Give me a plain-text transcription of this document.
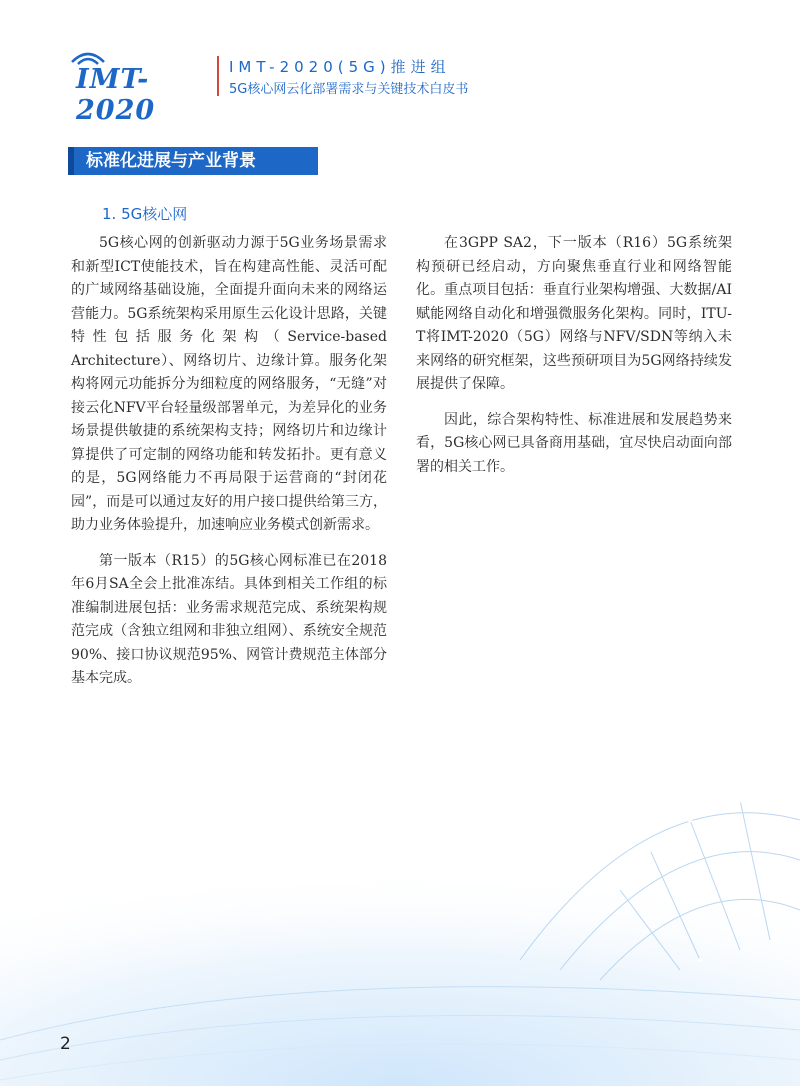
IMT-2020
IMT-2020(5G)推进组
5G核心网云化部署需求与关键技术白皮书
标准化进展与产业背景
1. 5G核心网

5G核心网的创新驱动力源于5G业务场景需求和新型ICT使能技术，旨在构建高性能、灵活可配的广域网络基础设施，全面提升面向未来的网络运营能力。5G系统架构采用原生云化设计思路，关键特性包括服务化架构（Service-based Architecture）、网络切片、边缘计算。服务化架构将网元功能拆分为细粒度的网络服务，“无缝”对接云化NFV平台轻量级部署单元，为差异化的业务场景提供敏捷的系统架构支持；网络切片和边缘计算提供了可定制的网络功能和转发拓扑。更有意义的是，5G网络能力不再局限于运营商的“封闭花园”，而是可以通过友好的用户接口提供给第三方，助力业务体验提升，加速响应业务模式创新需求。

第一版本（R15）的5G核心网标准已在2018年6月SA全会上批准冻结。具体到相关工作组的标准编制进展包括：业务需求规范完成、系统架构规范完成（含独立组网和非独立组网）、系统安全规范90%、接口协议规范95%、网管计费规范主体部分基本完成。

在3GPP SA2，下一版本（R16）5G系统架构预研已经启动，方向聚焦垂直行业和网络智能化。重点项目包括：垂直行业架构增强、大数据/AI赋能网络自动化和增强微服务化架构。同时，ITU-T将IMT-2020（5G）网络与NFV/SDN等纳入未来网络的研究框架，这些预研项目为5G网络持续发展提供了保障。

因此，综合架构特性、标准进展和发展趋势来看，5G核心网已具备商用基础，宜尽快启动面向部署的相关工作。

2
